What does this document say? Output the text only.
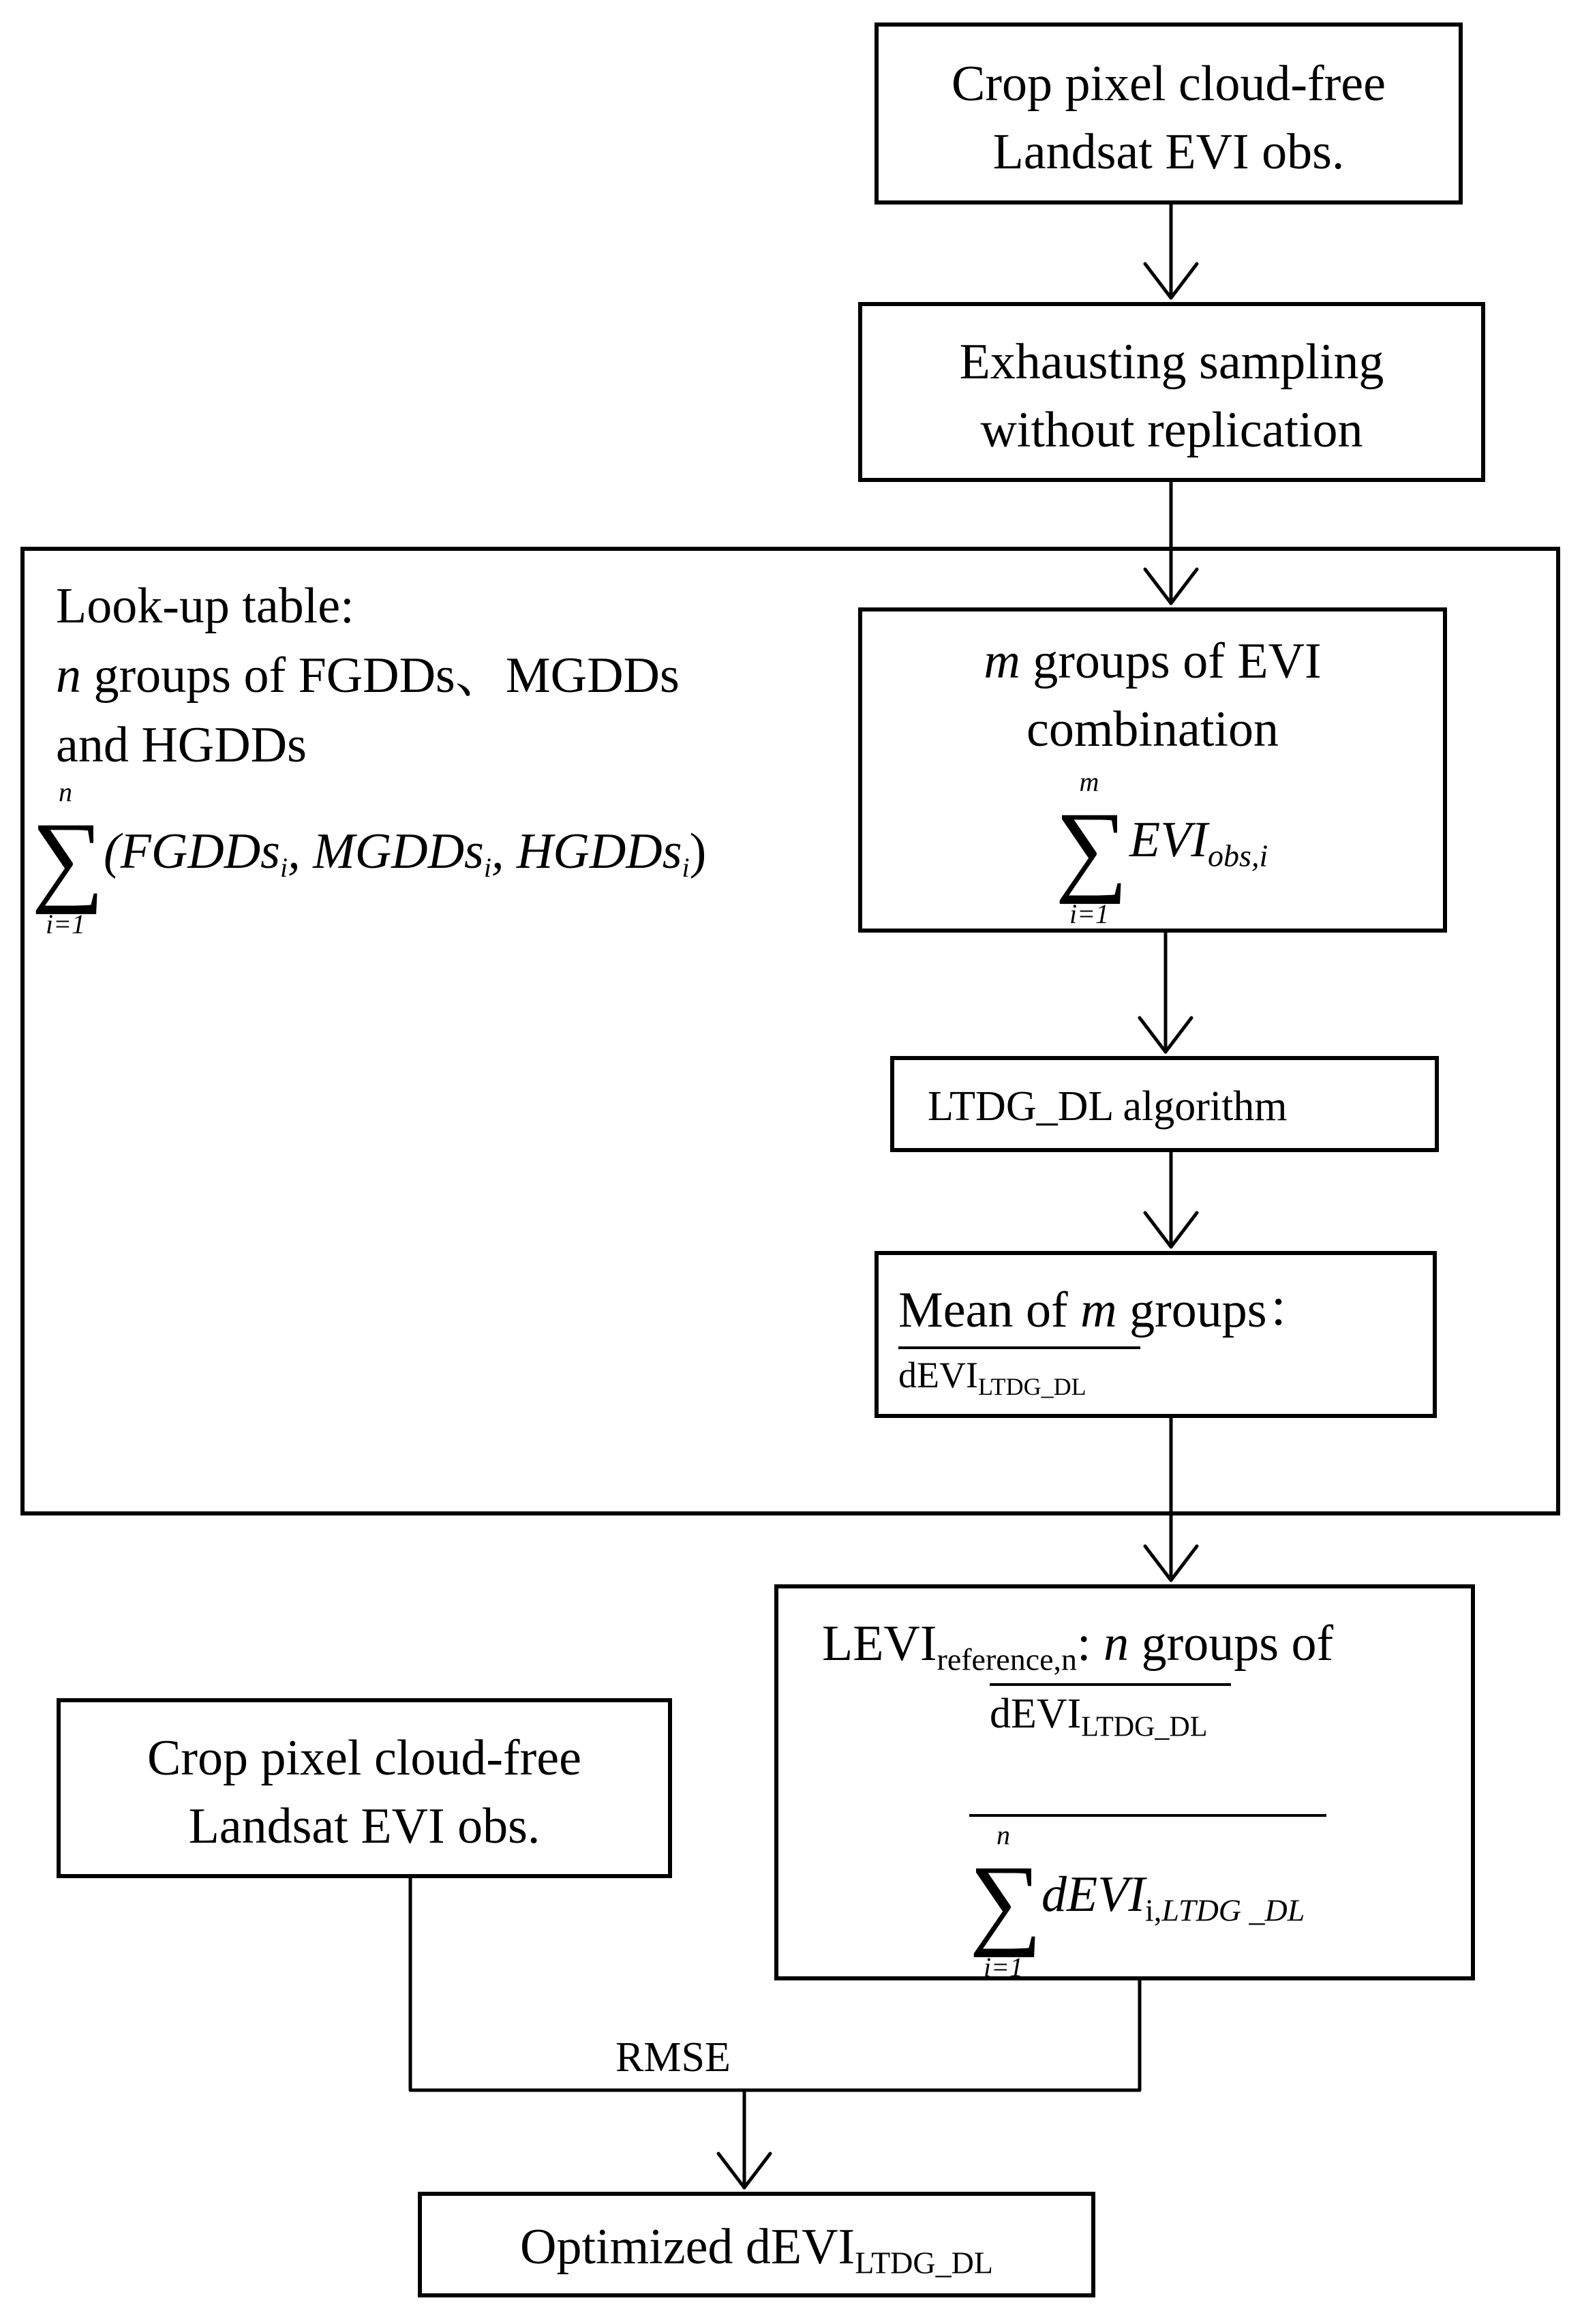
Crop pixel cloud-free
Landsat EVI obs.
Exhausting sampling
without replication
Look-up table:
n groups of FGDDs、MGDDs
and HGDDs
n
∑
i=1
(FGDDsi, MGDDsi, HGDDsi)
m groups of EVI
combination
m
∑
i=1
$EVI_{obs,i}$
LTDG_DL algorithm
Mean of m groups：
dEVI$_{LTDG\_DL}$
$LEVI_{reference,n}$: n groups of
dEVI$_{LTDG\_DL}$
n
∑
i=1
dEVI$_{i,LTDG \_DL}$
Crop pixel cloud-free
Landsat EVI obs.
RMSE
Optimized dEVI$_{LTDG\_DL}$
